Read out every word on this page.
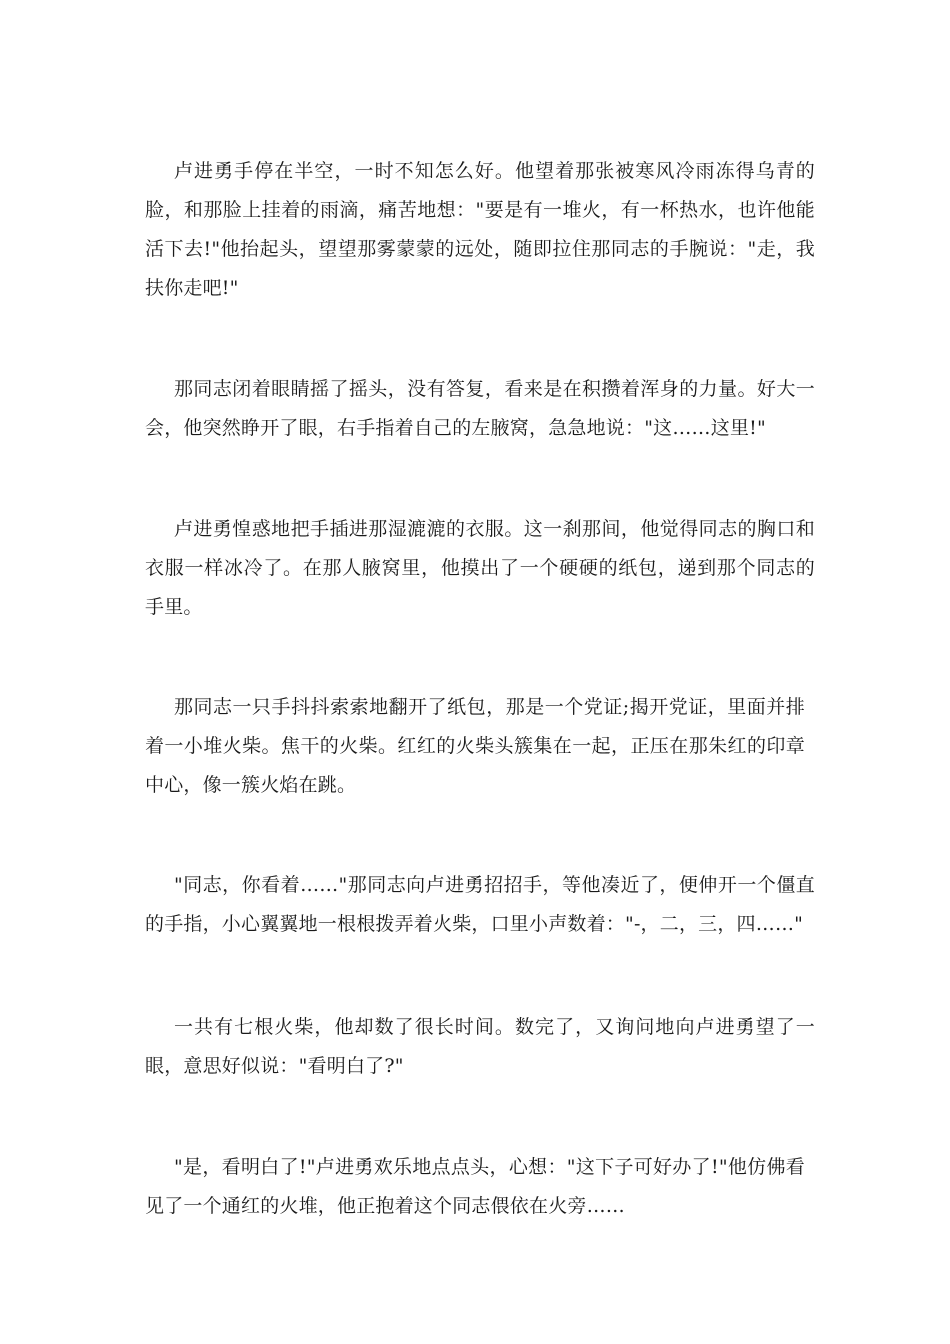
卢进勇手停在半空，一时不知怎么好。他望着那张被寒风冷雨冻得乌青的脸，和那脸上挂着的雨滴，痛苦地想："要是有一堆火，有一杯热水，也许他能活下去!"他抬起头，望望那雾蒙蒙的远处，随即拉住那同志的手腕说："走，我扶你走吧!"

那同志闭着眼睛摇了摇头，没有答复，看来是在积攒着浑身的力量。好大一会，他突然睁开了眼，右手指着自己的左腋窝，急急地说："这……这里!"

卢进勇惶惑地把手插进那湿漉漉的衣服。这一刹那间，他觉得同志的胸口和衣服一样冰冷了。在那人腋窝里，他摸出了一个硬硬的纸包，递到那个同志的手里。

那同志一只手抖抖索索地翻开了纸包，那是一个党证;揭开党证，里面并排着一小堆火柴。焦干的火柴。红红的火柴头簇集在一起，正压在那朱红的印章中心，像一簇火焰在跳。

"同志，你看着……"那同志向卢进勇招招手，等他凑近了，便伸开一个僵直的手指，小心翼翼地一根根拨弄着火柴，口里小声数着："-，二，三，四……"

一共有七根火柴，他却数了很长时间。数完了，又询问地向卢进勇望了一眼，意思好似说："看明白了?"

"是，看明白了!"卢进勇欢乐地点点头，心想："这下子可好办了!"他仿佛看见了一个通红的火堆，他正抱着这个同志偎依在火旁……
